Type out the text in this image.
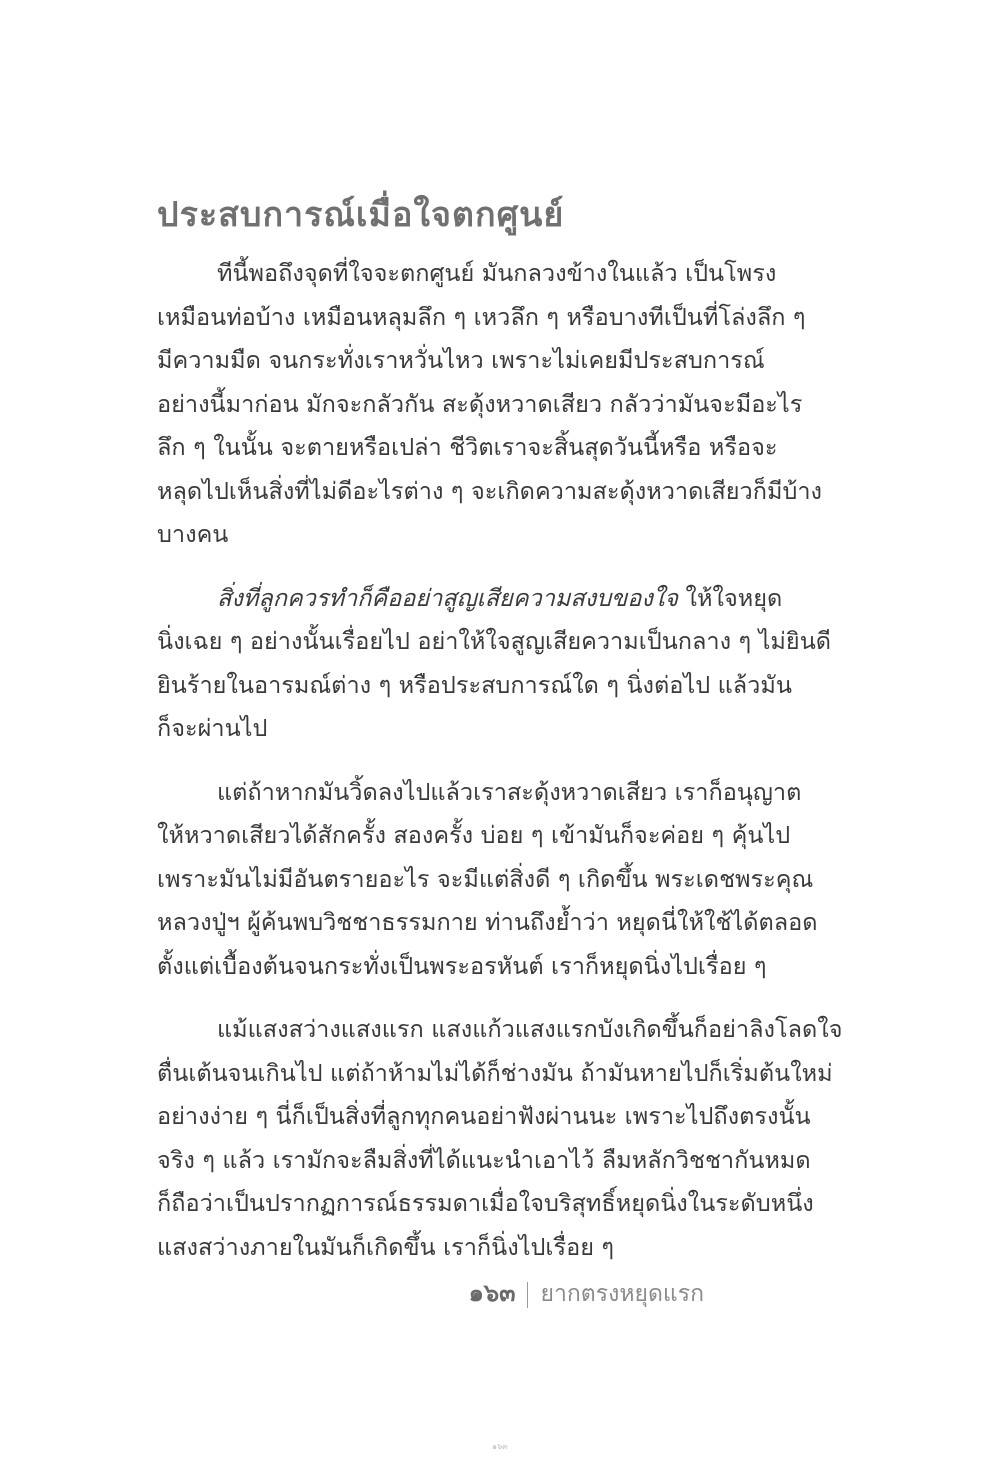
ประสบการณ์เมื่อใจตกศูนย์

ทีนี้พอถึงจุดที่ใจจะตกศูนย์ มันกลวงข้างในแล้ว เป็นโพรง
เหมือนท่อบ้าง เหมือนหลุมลึก ๆ เหวลึก ๆ หรือบางทีเป็นที่โล่งลึก ๆ
มีความมืด จนกระทั่งเราหวั่นไหว เพราะไม่เคยมีประสบการณ์
อย่างนี้มาก่อน มักจะกลัวกัน สะดุ้งหวาดเสียว กลัวว่ามันจะมีอะไร
ลึก ๆ ในนั้น จะตายหรือเปล่า ชีวิตเราจะสิ้นสุดวันนี้หรือ หรือจะ
หลุดไปเห็นสิ่งที่ไม่ดีอะไรต่าง ๆ จะเกิดความสะดุ้งหวาดเสียวก็มีบ้าง
บางคน

สิ่งที่ลูกควรทำก็คืออย่าสูญเสียความสงบของใจ ให้ใจหยุด
นิ่งเฉย ๆ อย่างนั้นเรื่อยไป อย่าให้ใจสูญเสียความเป็นกลาง ๆ ไม่ยินดี
ยินร้ายในอารมณ์ต่าง ๆ หรือประสบการณ์ใด ๆ นิ่งต่อไป แล้วมัน
ก็จะผ่านไป

แต่ถ้าหากมันวิ้ดลงไปแล้วเราสะดุ้งหวาดเสียว เราก็อนุญาต
ให้หวาดเสียวได้สักครั้ง สองครั้ง บ่อย ๆ เข้ามันก็จะค่อย ๆ คุ้นไป
เพราะมันไม่มีอันตรายอะไร จะมีแต่สิ่งดี ๆ เกิดขึ้น พระเดชพระคุณ
หลวงปู่ฯ ผู้ค้นพบวิชชาธรรมกาย ท่านถึงย้ำว่า หยุดนี่ให้ใช้ได้ตลอด
ตั้งแต่เบื้องต้นจนกระทั่งเป็นพระอรหันต์ เราก็หยุดนิ่งไปเรื่อย ๆ

แม้แสงสว่างแสงแรก แสงแก้วแสงแรกบังเกิดขึ้นก็อย่าลิงโลดใจ
ตื่นเต้นจนเกินไป แต่ถ้าห้ามไม่ได้ก็ช่างมัน ถ้ามันหายไปก็เริ่มต้นใหม่
อย่างง่าย ๆ นี่ก็เป็นสิ่งที่ลูกทุกคนอย่าฟังผ่านนะ เพราะไปถึงตรงนั้น
จริง ๆ แล้ว เรามักจะลืมสิ่งที่ได้แนะนำเอาไว้ ลืมหลักวิชชากันหมด
ก็ถือว่าเป็นปรากฏการณ์ธรรมดาเมื่อใจบริสุทธิ์หยุดนิ่งในระดับหนึ่ง
แสงสว่างภายในมันก็เกิดขึ้น เราก็นิ่งไปเรื่อย ๆ

๑๖๓ ยากตรงหยุดแรก
๑๖๓
